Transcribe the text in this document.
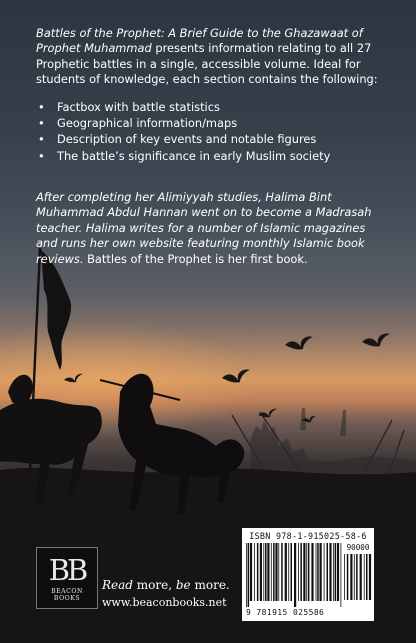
Battles of the Prophet: A Brief Guide to the Ghazawaat of Prophet Muhammad presents information relating to all 27 Prophetic battles in a single, accessible volume. Ideal for students of knowledge, each section contains the following:

• Factbox with battle statistics
• Geographical information/maps
• Description of key events and notable figures
• The battle’s significance in early Muslim society

After completing her Alimiyyah studies, Halima Bint Muhammad Abdul Hannan went on to become a Madrasah teacher. Halima writes for a number of Islamic magazines and runs her own website featuring monthly Islamic book reviews. Battles of the Prophet is her first book.

BB
BEACON BOOKS
Read more, be more.
www.beaconbooks.net
ISBN 978-1-915025-58-6
90000
9 781915 025586
